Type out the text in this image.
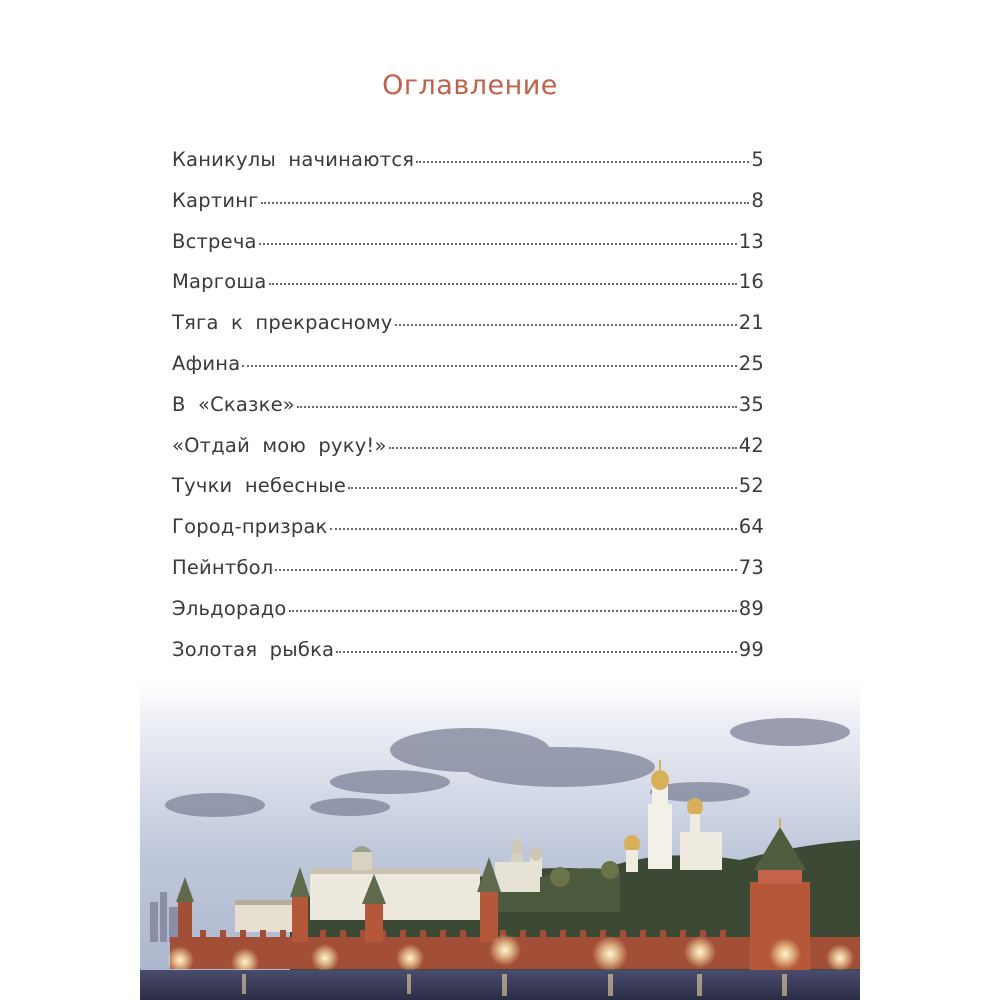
Оглавление
Каникулы начинаются	5
Картинг	8
Встреча	13
Маргоша	16
Тяга к прекрасному	21
Афина	25
В «Сказке»	35
«Отдай мою руку!»	42
Тучки небесные	52
Город-призрак	64
Пейнтбол	73
Эльдорадо	89
Золотая рыбка	99
